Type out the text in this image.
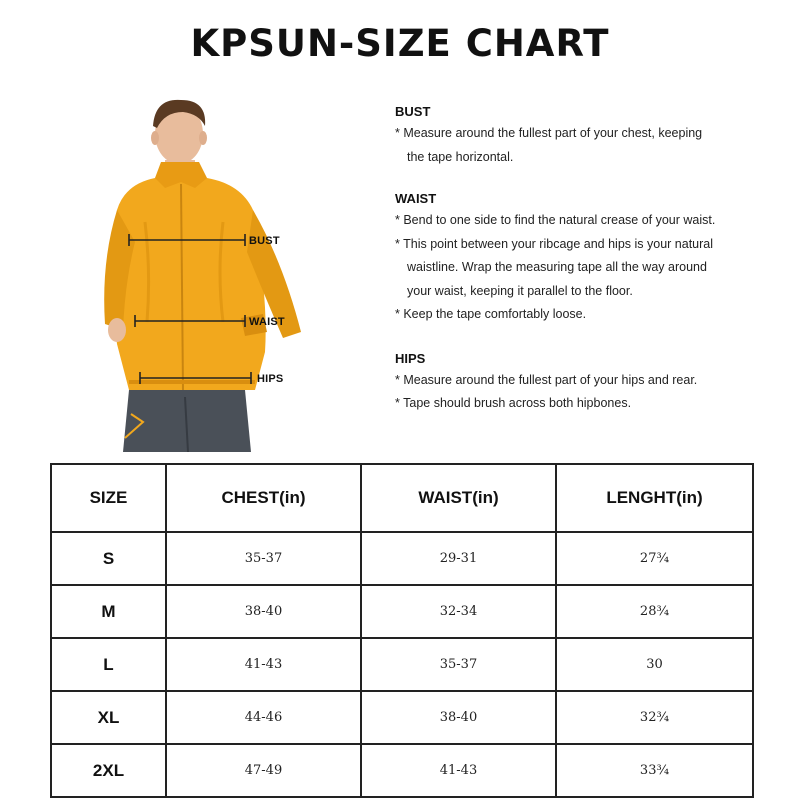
KPSUN-SIZE CHART
BUST
WAIST
HIPS
BUST
* Measure around the fullest part of your chest, keeping
the tape horizontal.
WAIST
* Bend to one side to find the natural crease of your waist.
* This point between your ribcage and hips is your natural
waistline. Wrap the measuring tape all the way around
your waist, keeping it parallel to the floor.
* Keep the tape comfortably loose.
HIPS
* Measure around the fullest part of your hips and rear.
* Tape should brush across both hipbones.
SIZE	CHEST(in)	WAIST(in)	LENGHT(in)
S	35-37	29-31	27¾
M	38-40	32-34	28¾
L	41-43	35-37	30
XL	44-46	38-40	32¾
2XL	47-49	41-43	33¾
